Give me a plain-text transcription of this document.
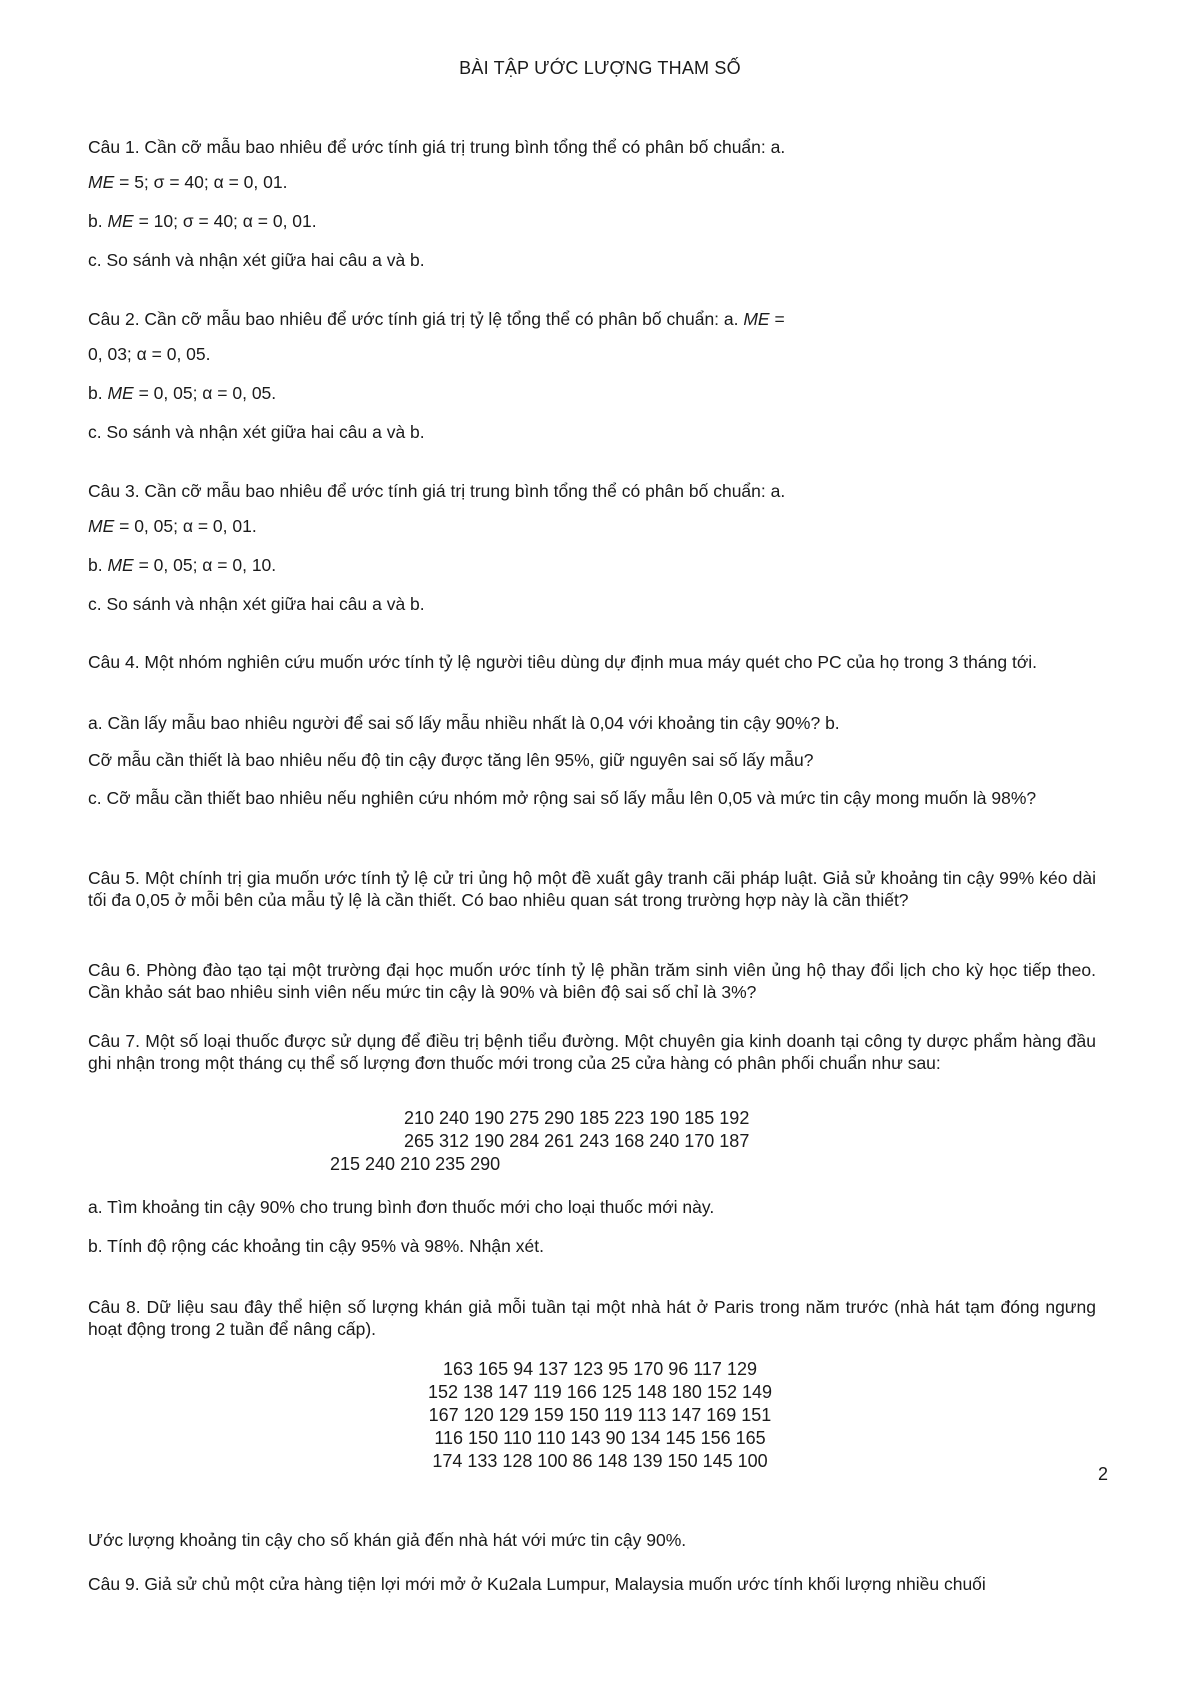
BÀI TẬP ƯỚC LƯỢNG THAM SỐ
Câu 1. Cần cỡ mẫu bao nhiêu để ước tính giá trị trung bình tổng thể có phân bố chuẩn: a.
ME = 5; σ = 40; α = 0, 01.
b. ME = 10; σ = 40; α = 0, 01.
c. So sánh và nhận xét giữa hai câu a và b.
Câu 2. Cần cỡ mẫu bao nhiêu để ước tính giá trị tỷ lệ tổng thể có phân bố chuẩn: a. ME =
0, 03; α = 0, 05.
b. ME = 0, 05; α = 0, 05.
c. So sánh và nhận xét giữa hai câu a và b.
Câu 3. Cần cỡ mẫu bao nhiêu để ước tính giá trị trung bình tổng thể có phân bố chuẩn: a.
ME = 0, 05; α = 0, 01.
b. ME = 0, 05; α = 0, 10.
c. So sánh và nhận xét giữa hai câu a và b.
Câu 4. Một nhóm nghiên cứu muốn ước tính tỷ lệ người tiêu dùng dự định mua máy quét cho PC của họ trong 3 tháng tới.
a. Cần lấy mẫu bao nhiêu người để sai số lấy mẫu nhiều nhất là 0,04 với khoảng tin cậy 90%? b.
Cỡ mẫu cần thiết là bao nhiêu nếu độ tin cậy được tăng lên 95%, giữ nguyên sai số lấy mẫu?
c. Cỡ mẫu cần thiết bao nhiêu nếu nghiên cứu nhóm mở rộng sai số lấy mẫu lên 0,05 và mức tin cậy mong muốn là 98%?
Câu 5. Một chính trị gia muốn ước tính tỷ lệ cử tri ủng hộ một đề xuất gây tranh cãi pháp luật. Giả sử khoảng tin cậy 99% kéo dài tối đa 0,05 ở mỗi bên của mẫu tỷ lệ là cần thiết. Có bao nhiêu quan sát trong trường hợp này là cần thiết?
Câu 6. Phòng đào tạo tại một trường đại học muốn ước tính tỷ lệ phần trăm sinh viên ủng hộ thay đổi lịch cho kỳ học tiếp theo. Cần khảo sát bao nhiêu sinh viên nếu mức tin cậy là 90% và biên độ sai số chỉ là 3%?
Câu 7. Một số loại thuốc được sử dụng để điều trị bệnh tiểu đường. Một chuyên gia kinh doanh tại công ty dược phẩm hàng đầu ghi nhận trong một tháng cụ thể số lượng đơn thuốc mới trong của 25 cửa hàng có phân phối chuẩn như sau:
210 240 190 275 290 185 223 190 185 192
265 312 190 284 261 243 168 240 170 187
215 240 210 235 290
a. Tìm khoảng tin cậy 90% cho trung bình đơn thuốc mới cho loại thuốc mới này.
b. Tính độ rộng các khoảng tin cậy 95% và 98%. Nhận xét.
Câu 8. Dữ liệu sau đây thể hiện số lượng khán giả mỗi tuần tại một nhà hát ở Paris trong năm trước (nhà hát tạm đóng ngưng hoạt động trong 2 tuần để nâng cấp).
163 165 94 137 123 95 170 96 117 129
152 138 147 119 166 125 148 180 152 149
167 120 129 159 150 119 113 147 169 151
116 150 110 110 143 90 134 145 156 165
174 133 128 100 86 148 139 150 145 100
2
Ước lượng khoảng tin cậy cho số khán giả đến nhà hát với mức tin cậy 90%.
Câu 9. Giả sử chủ một cửa hàng tiện lợi mới mở ở Ku2ala Lumpur, Malaysia muốn ước tính khối lượng nhiều chuối
